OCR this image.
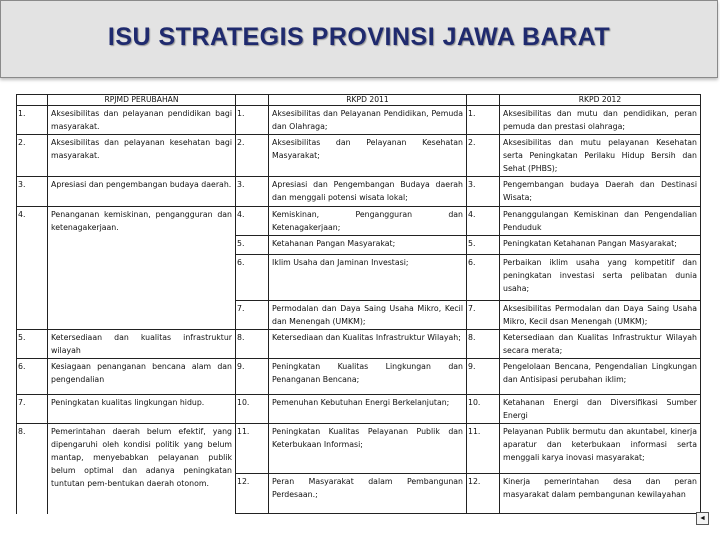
ISU STRATEGIS PROVINSI JAWA BARAT
	RPJMD PERUBAHAN		RKPD 2011		RKPD 2012
1.	Aksesibilitas dan pelayanan pendidikan bagi masyarakat.	1.	Aksesibilitas dan Pelayanan Pendidikan, Pemuda dan Olahraga;	1.	Aksesibilitas dan mutu dan pendidikan, peran pemuda dan prestasi olahraga;
2.	Aksesibilitas dan pelayanan kesehatan bagi masyarakat.	2.	Aksesibilitas dan Pelayanan Kesehatan Masyarakat;	2.	Aksesibilitas dan mutu pelayanan Kesehatan serta Peningkatan Perilaku Hidup Bersih dan Sehat (PHBS);
3.	Apresiasi dan pengembangan budaya daerah.	3.	Apresiasi dan Pengembangan Budaya daerah dan menggali potensi wisata lokal;	3.	Pengembangan budaya Daerah dan Destinasi Wisata;
4.	Penanganan kemiskinan, pengangguran dan ketenagakerjaan.	4.	Kemiskinan, Pengangguran dan Ketenagakerjaan;	4.	Penanggulangan Kemiskinan dan Pengendalian Penduduk
		5.	Ketahanan Pangan Masyarakat;	5.	Peningkatan Ketahanan Pangan Masyarakat;
		6.	Iklim Usaha dan Jaminan Investasi;	6.	Perbaikan iklim usaha yang kompetitif dan peningkatan investasi serta pelibatan dunia usaha;
		7.	Permodalan dan Daya Saing Usaha Mikro, Kecil dan Menengah (UMKM);	7.	Aksesibilitas Permodalan dan Daya Saing Usaha Mikro, Kecil dsan Menengah (UMKM);
5.	Ketersediaan dan kualitas infrastruktur wilayah	8.	Ketersediaan dan Kualitas Infrastruktur Wilayah;	8.	Ketersediaan dan Kualitas Infrastruktur Wilayah secara merata;
6.	Kesiagaan penanganan bencana alam dan pengendalian	9.	Peningkatan Kualitas Lingkungan dan Penanganan Bencana;	9.	Pengelolaan Bencana, Pengendalian Lingkungan dan Antisipasi perubahan iklim;
7.	Peningkatan kualitas lingkungan hidup.	10.	Pemenuhan Kebutuhan Energi Berkelanjutan;	10.	Ketahanan Energi dan Diversifikasi Sumber Energi
8.	Pemerintahan daerah belum efektif, yang dipengaruhi oleh kondisi politik yang belum mantap, menyebabkan pelayanan publik belum optimal dan adanya peningkatan tuntutan pem-bentukan daerah otonom.	11.	Peningkatan Kualitas Pelayanan Publik dan Keterbukaan Informasi;	11.	Pelayanan Publik bermutu dan akuntabel, kinerja aparatur dan keterbukaan informasi serta menggali karya inovasi masyarakat;
		12.	Peran Masyarakat dalam Pembangunan Perdesaan.;	12.	Kinerja pemerintahan desa dan peran masyarakat dalam pembangunan kewilayahan
◄
